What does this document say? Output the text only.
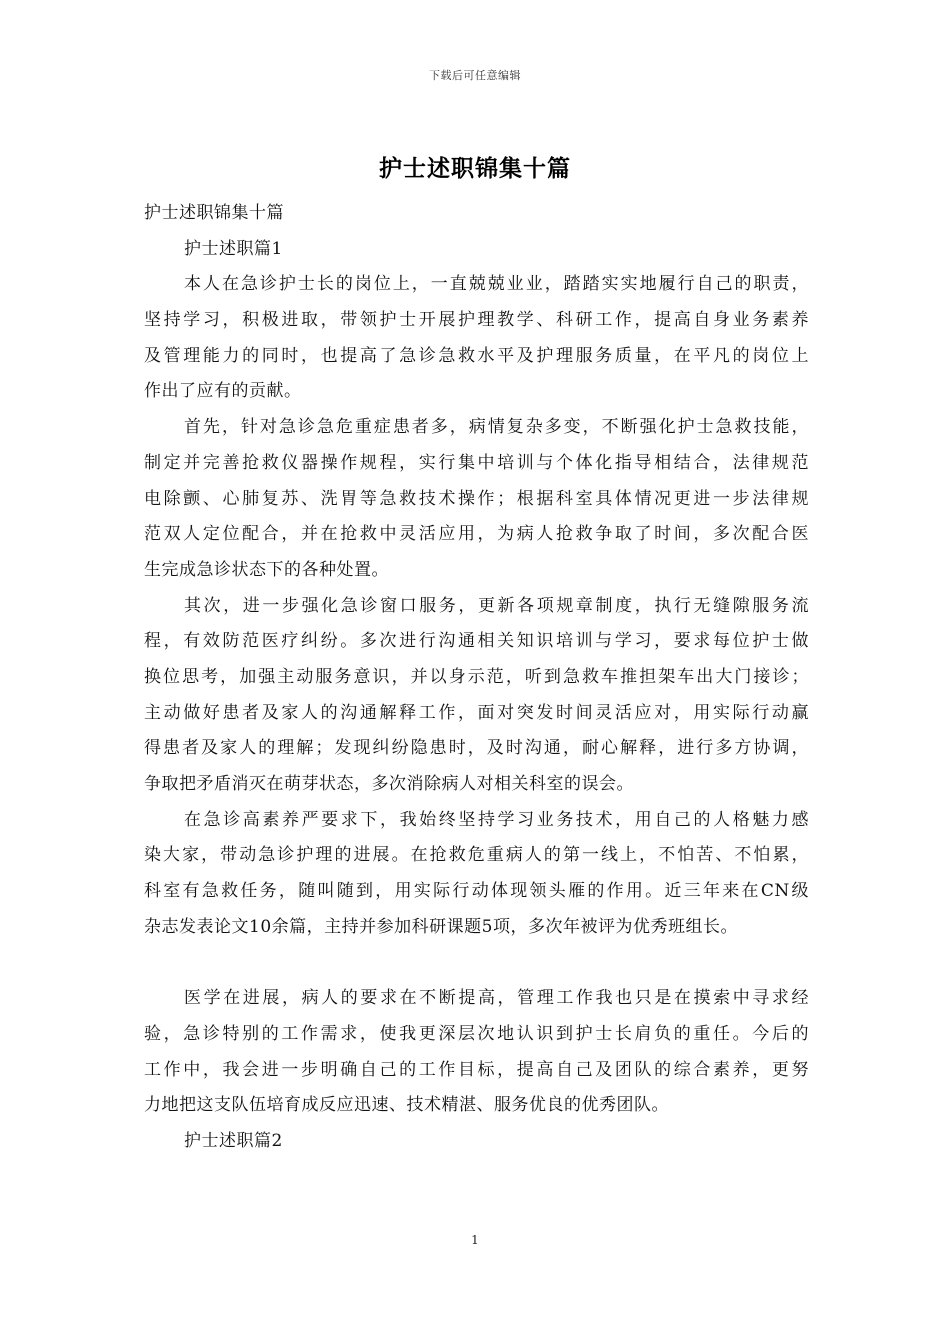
下载后可任意编辑
护士述职锦集十篇
护士述职锦集十篇
护士述职篇1
本人在急诊护士长的岗位上，一直兢兢业业，踏踏实实地履行自己的职责，
坚持学习，积极进取，带领护士开展护理教学、科研工作，提高自身业务素养
及管理能力的同时，也提高了急诊急救水平及护理服务质量，在平凡的岗位上
作出了应有的贡献。
首先，针对急诊急危重症患者多，病情复杂多变，不断强化护士急救技能，
制定并完善抢救仪器操作规程，实行集中培训与个体化指导相结合，法律规范
电除颤、心肺复苏、洗胃等急救技术操作；根据科室具体情况更进一步法律规
范双人定位配合，并在抢救中灵活应用，为病人抢救争取了时间，多次配合医
生完成急诊状态下的各种处置。
其次，进一步强化急诊窗口服务，更新各项规章制度，执行无缝隙服务流
程，有效防范医疗纠纷。多次进行沟通相关知识培训与学习，要求每位护士做
换位思考，加强主动服务意识，并以身示范，听到急救车推担架车出大门接诊；
主动做好患者及家人的沟通解释工作，面对突发时间灵活应对，用实际行动赢
得患者及家人的理解；发现纠纷隐患时，及时沟通，耐心解释，进行多方协调，
争取把矛盾消灭在萌芽状态，多次消除病人对相关科室的误会。
在急诊高素养严要求下，我始终坚持学习业务技术，用自己的人格魅力感
染大家，带动急诊护理的进展。在抢救危重病人的第一线上，不怕苦、不怕累，
科室有急救任务，随叫随到，用实际行动体现领头雁的作用。近三年来在CN级
杂志发表论文10余篇，主持并参加科研课题5项，多次年被评为优秀班组长。
医学在进展，病人的要求在不断提高，管理工作我也只是在摸索中寻求经
验，急诊特别的工作需求，使我更深层次地认识到护士长肩负的重任。今后的
工作中，我会进一步明确自己的工作目标，提高自己及团队的综合素养，更努
力地把这支队伍培育成反应迅速、技术精湛、服务优良的优秀团队。
护士述职篇2
1
